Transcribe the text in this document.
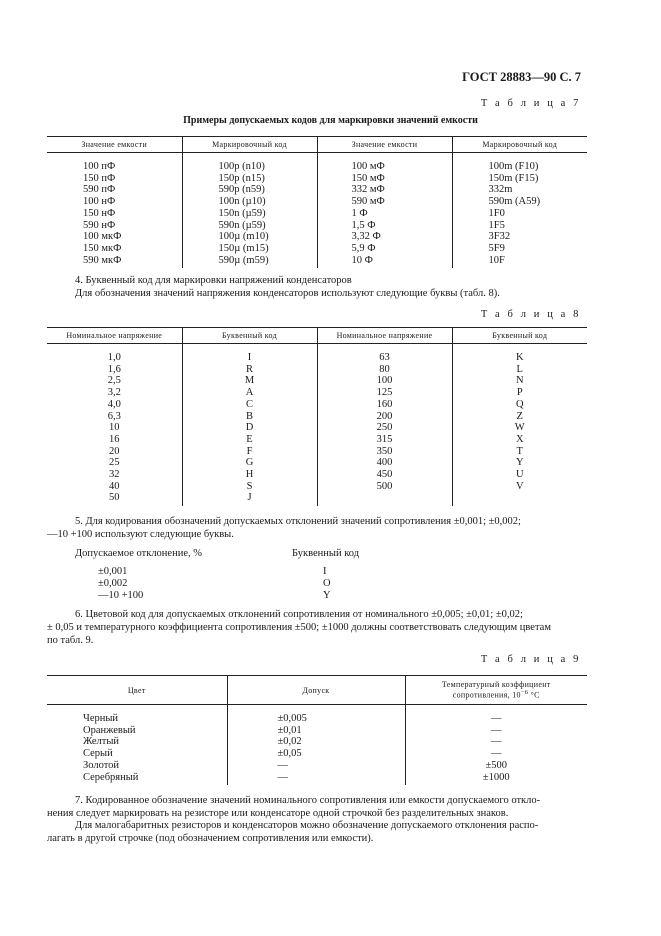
ГОСТ 28883—90 С. 7
Т а б л и ц а 7
Примеры допускаемых кодов для маркировки значений емкости
Значение емкости	Маркировочный код	Значение емкости	Маркировочный код
100 пФ	100p (n10)	100 мФ	100m (F10)
150 пФ	150p (n15)	150 мФ	150m (F15)
590 пФ	590p (n59)	332 мФ	332m
100 нФ	100n (µ10)	590 мФ	590m (A59)
150 нФ	150n (µ59)	1 Ф	1F0
590 нФ	590n (µ59)	1,5 Ф	1F5
100 мкФ	100µ (m10)	3,32 Ф	3F32
150 мкФ	150µ (m15)	5,9 Ф	5F9
590 мкФ	590µ (m59)	10 Ф	10F
4. Буквенный код для маркировки напряжений конденсаторов
Для обозначения значений напряжения конденсаторов используют следующие буквы (табл. 8).
Т а б л и ц а 8
Номинальное напряжение	Буквенный код	Номинальное напряжение	Буквенный код
1,0	I	63	K
1,6	R	80	L
2,5	M	100	N
3,2	A	125	P
4,0	C	160	Q
6,3	B	200	Z
10	D	250	W
16	E	315	X
20	F	350	T
25	G	400	Y
32	H	450	U
40	S	500	V
50	J		
5. Для кодирования обозначений допускаемых отклонений значений сопротивления ±0,001; ±0,002;
—10 +100 используют следующие буквы.
Допускаемое отклонение, %	Буквенный код
±0,001	I
±0,002	O
—10 +100	Y
6. Цветовой код для допускаемых отклонений сопротивления от номинального ±0,005; ±0,01; ±0,02;
± 0,05 и температурного коэффициента сопротивления ±500; ±1000 должны соответствовать следующим цветам
по табл. 9.
Т а б л и ц а 9
Цвет	Допуск	Температурный коэффициент
сопротивления, $10^{-6}$ °С
Черный	±0,005	—
Оранжевый	±0,01	—
Желтый	±0,02	—
Серый	±0,05	—
Золотой	—	±500
Серебряный	—	±1000
7. Кодированное обозначение значений номинального сопротивления или емкости допускаемого откло-
нения следует маркировать на резисторе или конденсаторе одной строчкой без разделительных знаков.
Для малогабаритных резисторов и конденсаторов можно обозначение допускаемого отклонения распо-
лагать в другой строчке (под обозначением сопротивления или емкости).
